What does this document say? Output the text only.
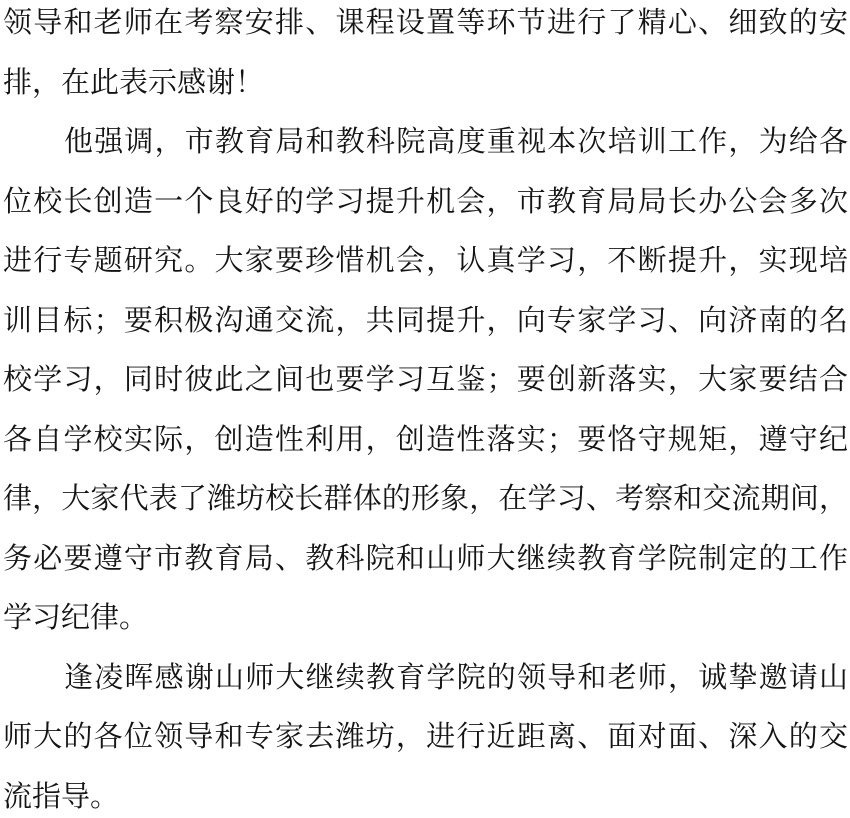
领导和老师在考察安排、课程设置等环节进行了精心、细致的安
排，在此表示感谢！
他强调，市教育局和教科院高度重视本次培训工作，为给各
位校长创造一个良好的学习提升机会，市教育局局长办公会多次
进行专题研究。大家要珍惜机会，认真学习，不断提升，实现培
训目标；要积极沟通交流，共同提升，向专家学习、向济南的名
校学习，同时彼此之间也要学习互鉴；要创新落实，大家要结合
各自学校实际，创造性利用，创造性落实；要恪守规矩，遵守纪
律，大家代表了潍坊校长群体的形象，在学习、考察和交流期间，
务必要遵守市教育局、教科院和山师大继续教育学院制定的工作
学习纪律。
逢凌晖感谢山师大继续教育学院的领导和老师，诚挚邀请山
师大的各位领导和专家去潍坊，进行近距离、面对面、深入的交
流指导。
